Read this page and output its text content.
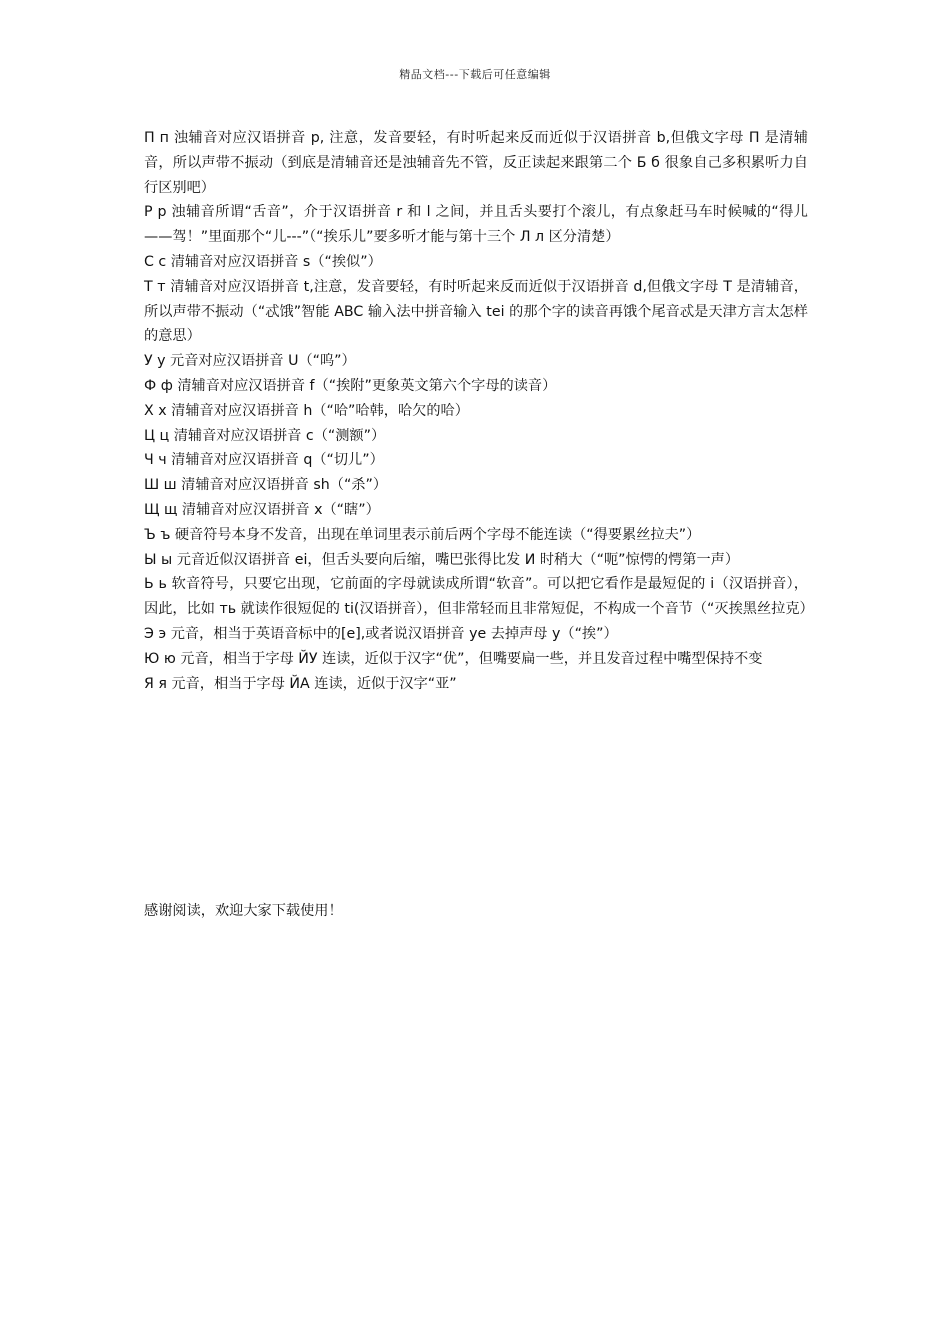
精品文档---下载后可任意编辑

П п 浊辅音对应汉语拼音 p, 注意，发音要轻，有时听起来反而近似于汉语拼音 b,但俄文字母 П 是清辅音，所以声带不振动（到底是清辅音还是浊辅音先不管，反正读起来跟第二个 Б б 很象自己多积累听力自行区别吧）

Р р 浊辅音所谓“舌音”，介于汉语拼音 r 和 l 之间，并且舌头要打个滚儿，有点象赶马车时候喊的“得儿——驾！”里面那个“儿---”（“挨乐儿”要多听才能与第十三个 Л л 区分清楚）

С с 清辅音对应汉语拼音 s（“挨似”）

Т т 清辅音对应汉语拼音 t,注意，发音要轻，有时听起来反而近似于汉语拼音 d,但俄文字母 Т 是清辅音，所以声带不振动（“忒饿”智能 ABC 输入法中拼音输入 tei 的那个字的读音再饿个尾音忒是天津方言太怎样的意思）

У у 元音对应汉语拼音 U（“呜”）

Ф ф 清辅音对应汉语拼音 f（“挨附”更象英文第六个字母的读音）

Х х 清辅音对应汉语拼音 h（“哈”哈韩，哈欠的哈）

Ц ц 清辅音对应汉语拼音 c（“测额”）

Ч ч 清辅音对应汉语拼音 q（“切儿”）

Ш ш 清辅音对应汉语拼音 sh（“杀”）

Щ щ 清辅音对应汉语拼音 x（“瞎”）

Ъ ъ 硬音符号本身不发音，出现在单词里表示前后两个字母不能连读（“得要累丝拉夫”）

Ы ы 元音近似汉语拼音 ei，但舌头要向后缩，嘴巴张得比发 И 时稍大（“呃”惊愕的愕第一声）

Ь ь 软音符号，只要它出现，它前面的字母就读成所谓“软音”。可以把它看作是最短促的 i（汉语拼音），因此，比如 ть 就读作很短促的 ti(汉语拼音），但非常轻而且非常短促，不构成一个音节（“灭挨黑丝拉克）

Э э 元音，相当于英语音标中的[e],或者说汉语拼音 ye 去掉声母 y（“挨”）

Ю ю 元音，相当于字母 ЙУ 连读，近似于汉字“优”，但嘴要扁一些，并且发音过程中嘴型保持不变

Я я 元音，相当于字母 ЙА 连读，近似于汉字“亚”

感谢阅读，欢迎大家下载使用！
